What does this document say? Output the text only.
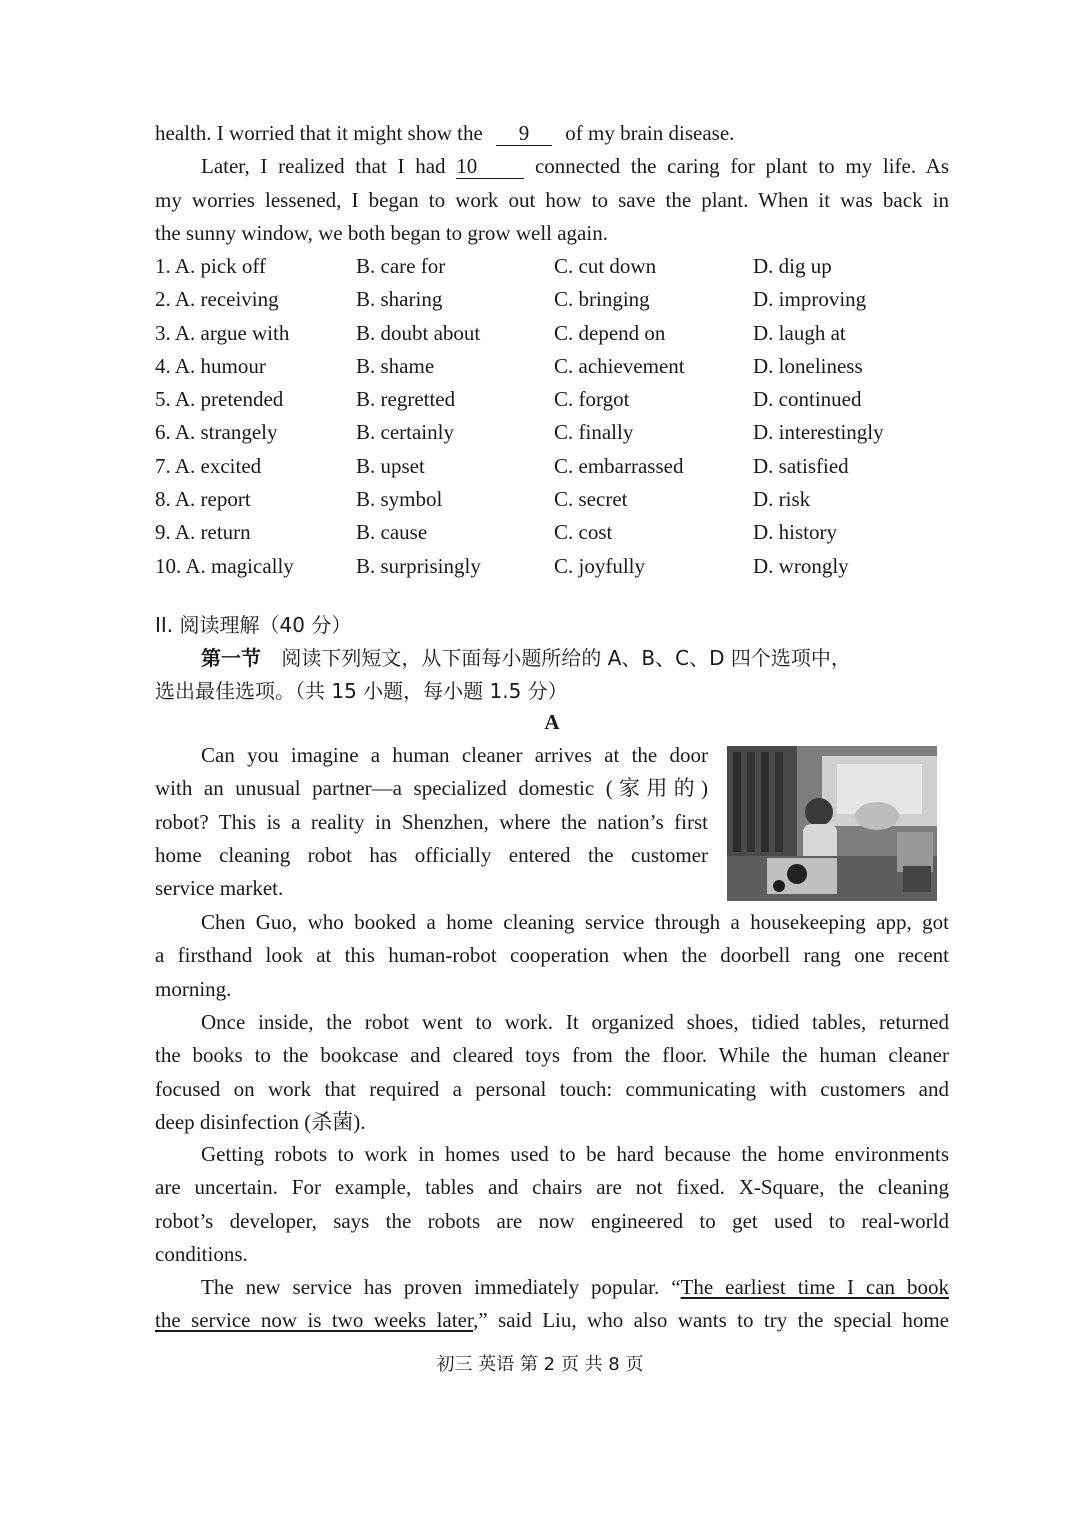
health. I worried that it might show the 9 of my brain disease.
Later, I realized that I had 10	connected the caring for plant to my life. As
my worries lessened, I began to work out how to save the plant. When it was back in
the sunny window, we both began to grow well again.
1. A. pick off	B. care for	C. cut down	D. dig up
2. A. receiving	B. sharing	C. bringing	D. improving
3. A. argue with	B. doubt about	C. depend on	D. laugh at
4. A. humour	B. shame	C. achievement	D. loneliness
5. A. pretended	B. regretted	C. forgot	D. continued
6. A. strangely	B. certainly	C. finally	D. interestingly
7. A. excited	B. upset	C. embarrassed	D. satisfied
8. A. report	B. symbol	C. secret	D. risk
9. A. return	B. cause	C. cost	D. history
10. A. magically	B. surprisingly	C. joyfully	D. wrongly
II. 阅读理解（40 分）
第一节 阅读下列短文，从下面每小题所给的 A、B、C、D 四个选项中，
选出最佳选项。（共 15 小题，每小题 1.5 分）
A
Can you imagine a human cleaner arrives at the door
with an unusual partner—a specialized domestic (家用的)
robot? This is a reality in Shenzhen, where the nation’s first
home cleaning robot has officially entered the customer
service market.
Chen Guo, who booked a home cleaning service through a housekeeping app, got
a firsthand look at this human-robot cooperation when the doorbell rang one recent
morning.
Once inside, the robot went to work. It organized shoes, tidied tables, returned
the books to the bookcase and cleared toys from the floor. While the human cleaner
focused on work that required a personal touch: communicating with customers and
deep disinfection (杀菌).
Getting robots to work in homes used to be hard because the home environments
are uncertain. For example, tables and chairs are not fixed. X-Square, the cleaning
robot’s developer, says the robots are now engineered to get used to real-world
conditions.
The new service has proven immediately popular. “The earliest time I can book
the service now is two weeks later,” said Liu, who also wants to try the special home
初三 英语 第 2 页 共 8 页
